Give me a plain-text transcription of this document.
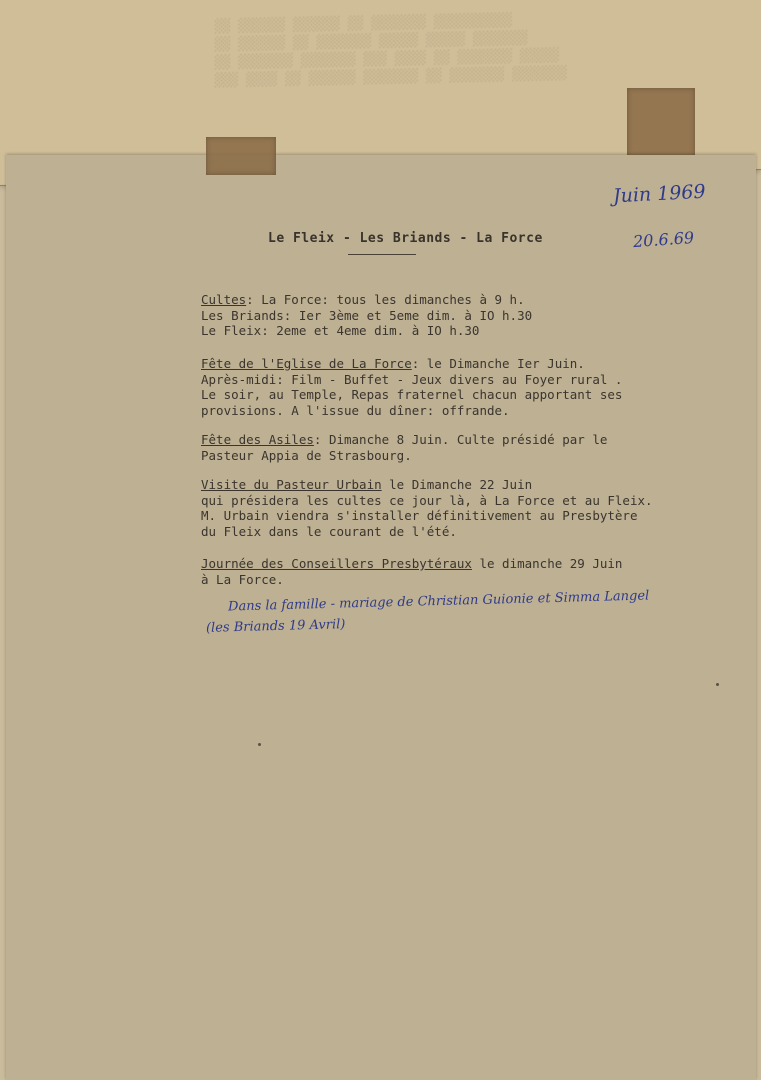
░░░ ░░░░ ░░ ░░░░░░ ░░░░░░░ ░░ ░░░░░░░ ░░░░░░░
░░ ░░░░░░░ ░░░░░░░ ░░░ ░░░░ ░░ ░░░░░░░ ░░░░░
░░ ░░░░░░ ░░ ░░░░░░░ ░░░░░ ░░░░░ ░░░░░░░
░░ ░░░░░░ ░░░░░░ ░░ ░░░░░░░ ░░░░░░░░░░
Juin 1969
20.6.69
Le Fleix - Les Briands - La Force
Cultes: La Force: tous les dimanches à 9 h.
Les Briands: Ier 3ème et 5eme dim. à IO h.30
Le Fleix: 2eme et 4eme dim. à IO h.30
Fête de l'Eglise de La Force: le Dimanche Ier Juin.
Après-midi: Film - Buffet - Jeux divers au Foyer rural .
Le soir, au Temple, Repas fraternel chacun apportant ses
provisions. A l'issue du dîner: offrande.
Fête des Asiles: Dimanche 8 Juin. Culte présidé par le
Pasteur Appia de Strasbourg.
Visite du Pasteur Urbain le Dimanche 22 Juin
qui présidera les cultes ce jour là, à La Force et au Fleix.
M. Urbain viendra s'installer définitivement au Presbytère
du Fleix dans le courant de l'été.
Journée des Conseillers Presbytéraux le dimanche 29 Juin
à La Force.
Dans la famille - mariage de Christian Guionie et Simma Langel
(les Briands 19 Avril)
